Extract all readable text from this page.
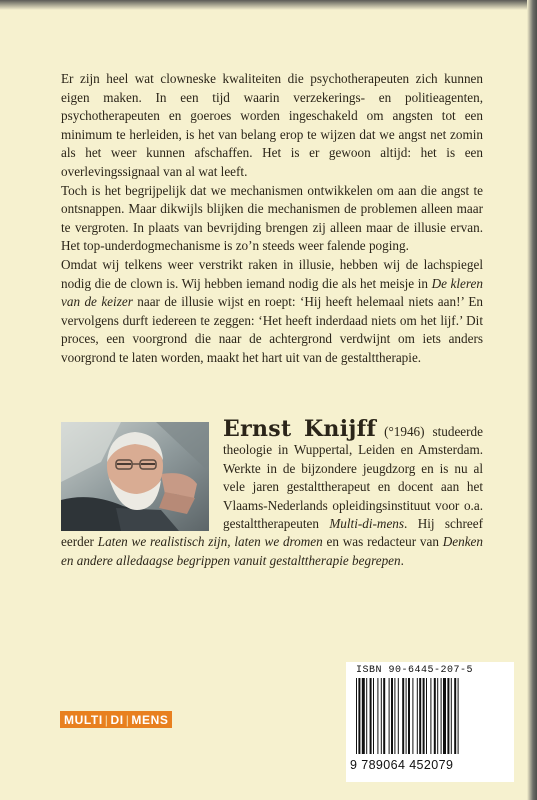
Er zijn heel wat clowneske kwaliteiten die psychotherapeuten zich kunnen eigen maken. In een tijd waarin verzekerings- en politieagenten, psychotherapeuten en goeroes worden ingeschakeld om angsten tot een minimum te herleiden, is het van belang erop te wijzen dat we angst net zomin als het weer kunnen afschaffen. Het is er gewoon altijd: het is een overlevingssignaal van al wat leeft.

Toch is het begrijpelijk dat we mechanismen ontwikkelen om aan die angst te ontsnappen. Maar dikwijls blijken die mechanismen de problemen alleen maar te vergroten. In plaats van bevrijding brengen zij alleen maar de illusie ervan. Het top-underdogmechanisme is zo’n steeds weer falende poging.

Omdat wij telkens weer verstrikt raken in illusie, hebben wij de lachspiegel nodig die de clown is. Wij hebben iemand nodig die als het meisje in De kleren van de keizer naar de illusie wijst en roept: ‘Hij heeft helemaal niets aan!’ En vervolgens durft iedereen te zeggen: ‘Het heeft inderdaad niets om het lijf.’ Dit proces, een voorgrond die naar de achtergrond verdwijnt om iets anders voorgrond te laten worden, maakt het hart uit van de gestalttherapie.

Ernst Knijff (°1946) studeerde theologie in Wuppertal, Leiden en Amsterdam. Werkte in de bijzondere jeugdzorg en is nu al vele jaren gestalttherapeut en docent aan het Vlaams-Nederlands opleidingsinstituut voor o.a. gestalttherapeuten Multi-di-mens. Hij schreef eerder Laten we realistisch zijn, laten we dromen en was redacteur van Denken en andere alledaagse begrippen vanuit gestalttherapie begrepen.
MULTI | DI | MENS
ISBN 90-6445-207-5
9 789064 452079
